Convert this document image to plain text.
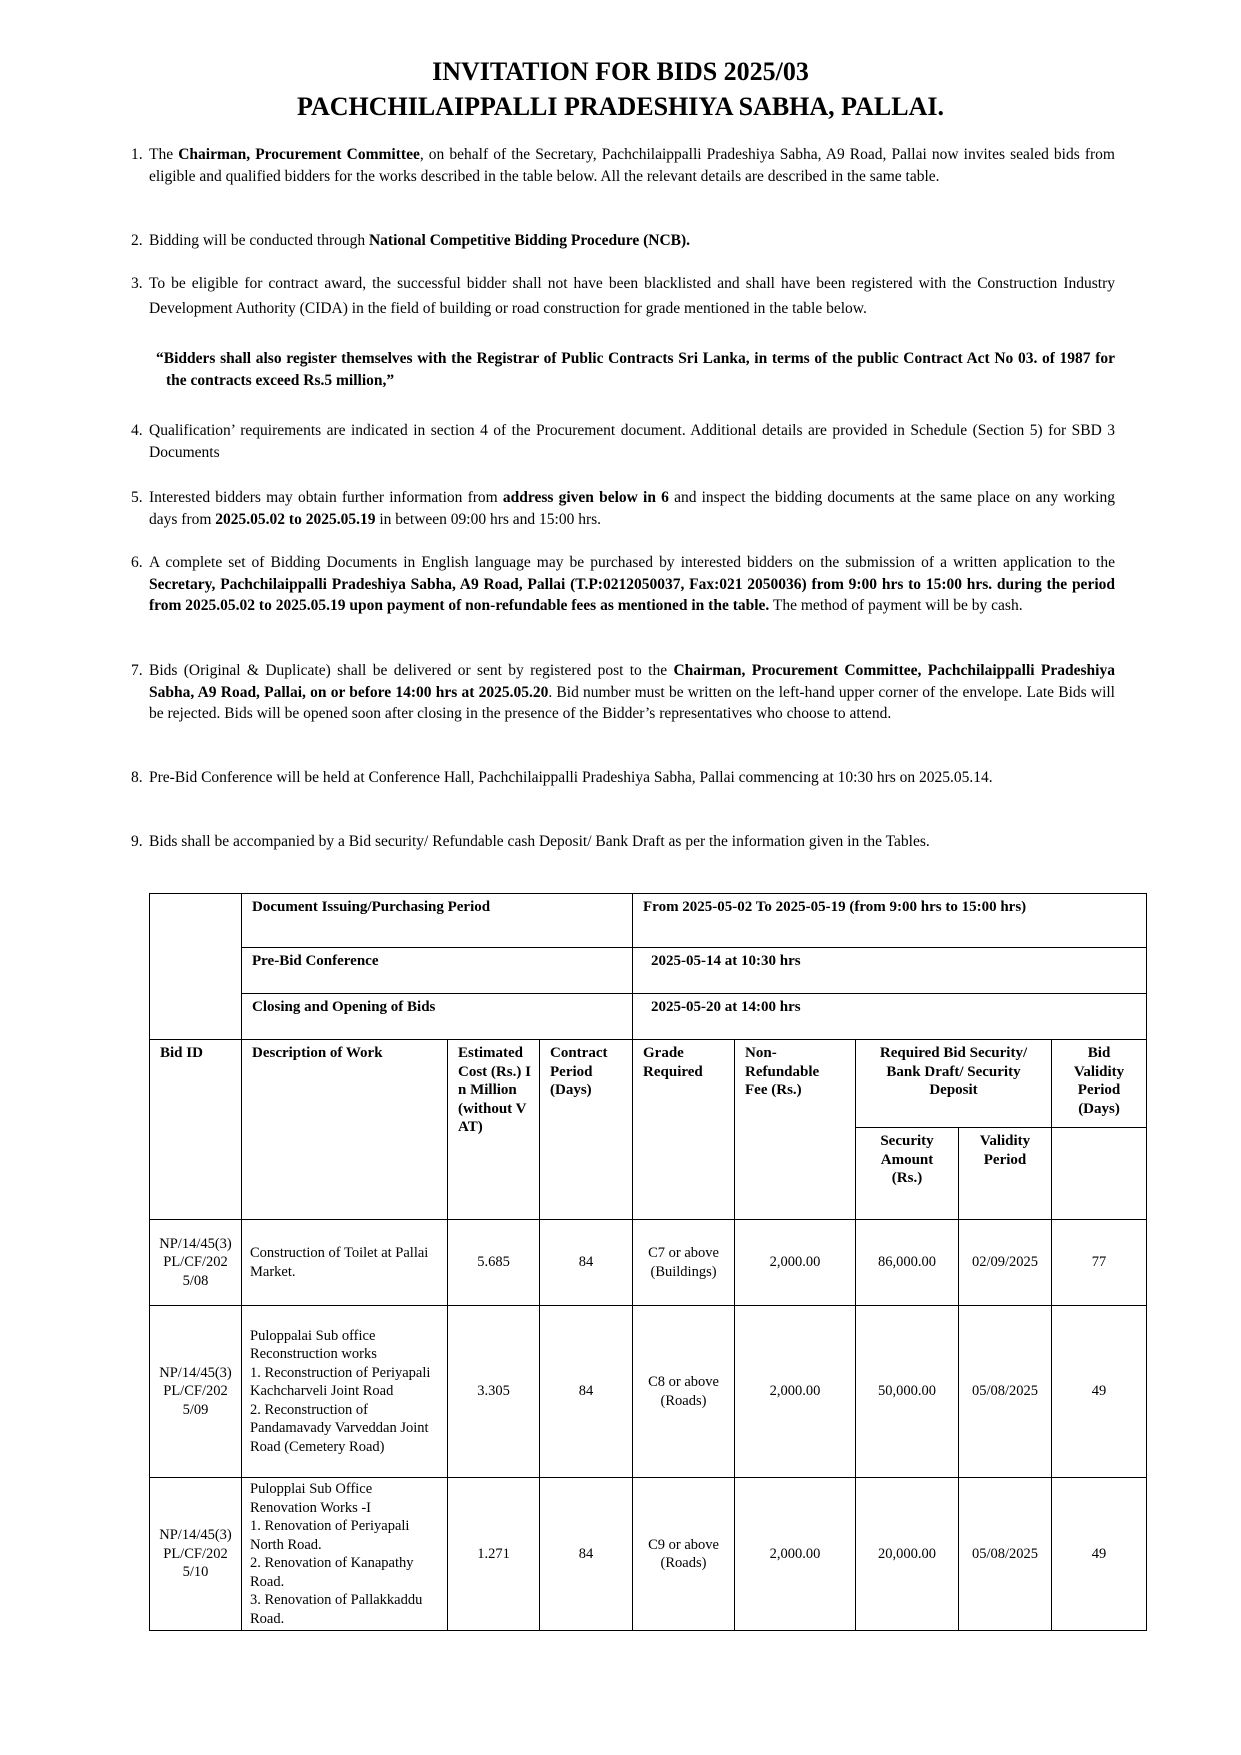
INVITATION FOR BIDS 2025/03
PACHCHILAIPPALLI PRADESHIYA SABHA, PALLAI.
1. The Chairman, Procurement Committee, on behalf of the Secretary, Pachchilaippalli Pradeshiya Sabha, A9 Road, Pallai now invites sealed bids from eligible and qualified bidders for the works described in the table below. All the relevant details are described in the same table.
2. Bidding will be conducted through National Competitive Bidding Procedure (NCB).
3. To be eligible for contract award, the successful bidder shall not have been blacklisted and shall have been registered with the Construction Industry Development Authority (CIDA) in the field of building or road construction for grade mentioned in the table below.
“Bidders shall also register themselves with the Registrar of Public Contracts Sri Lanka, in terms of the public Contract Act No 03. of 1987 for the contracts exceed Rs.5 million,”
4. Qualification’ requirements are indicated in section 4 of the Procurement document. Additional details are provided in Schedule (Section 5) for SBD 3 Documents
5. Interested bidders may obtain further information from address given below in 6 and inspect the bidding documents at the same place on any working days from 2025.05.02 to 2025.05.19 in between 09:00 hrs and 15:00 hrs.
6. A complete set of Bidding Documents in English language may be purchased by interested bidders on the submission of a written application to the Secretary, Pachchilaippalli Pradeshiya Sabha, A9 Road, Pallai (T.P:0212050037, Fax:021 2050036) from 9:00 hrs to 15:00 hrs. during the period from 2025.05.02 to 2025.05.19 upon payment of non-refundable fees as mentioned in the table. The method of payment will be by cash.
7. Bids (Original & Duplicate) shall be delivered or sent by registered post to the Chairman, Procurement Committee, Pachchilaippalli Pradeshiya Sabha, A9 Road, Pallai, on or before 14:00 hrs at 2025.05.20. Bid number must be written on the left-hand upper corner of the envelope. Late Bids will be rejected. Bids will be opened soon after closing in the presence of the Bidder’s representatives who choose to attend.
8. Pre-Bid Conference will be held at Conference Hall, Pachchilaippalli Pradeshiya Sabha, Pallai commencing at 10:30 hrs on 2025.05.14.
9. Bids shall be accompanied by a Bid security/ Refundable cash Deposit/ Bank Draft as per the information given in the Tables.
	Document Issuing/Purchasing Period			From 2025-05-02 To 2025-05-19 (from 9:00 hrs to 15:00 hrs)				
	Pre-Bid Conference			2025-05-14 at 10:30 hrs				
	Closing and Opening of Bids			2025-05-20 at 14:00 hrs				
Bid ID	Description of Work	Estimated Cost (Rs.) In Million (without VAT)	Contract Period (Days)	Grade Required	Non-Refundable Fee (Rs.)	Required Bid Security/ Bank Draft/ Security Deposit		Bid Validity Period (Days)
						Security Amount (Rs.)	Validity Period	
NP/14/45(3)PL/CF/2025/08	Construction of Toilet at Pallai Market.	5.685	84	C7 or above (Buildings)	2,000.00	86,000.00	02/09/2025	77
NP/14/45(3)PL/CF/2025/09	Puloppalai Sub office Reconstruction works
1. Reconstruction of Periyapali Kachcharveli Joint Road
2. Reconstruction of Pandamavady Varveddan Joint Road (Cemetery Road)	3.305	84	C8 or above (Roads)	2,000.00	50,000.00	05/08/2025	49
NP/14/45(3)PL/CF/2025/10	Pulopplai Sub Office Renovation Works -I
1. Renovation of Periyapali North Road.
2. Renovation of Kanapathy Road.
3. Renovation of Pallakkaddu Road.	1.271	84	C9 or above (Roads)	2,000.00	20,000.00	05/08/2025	49
